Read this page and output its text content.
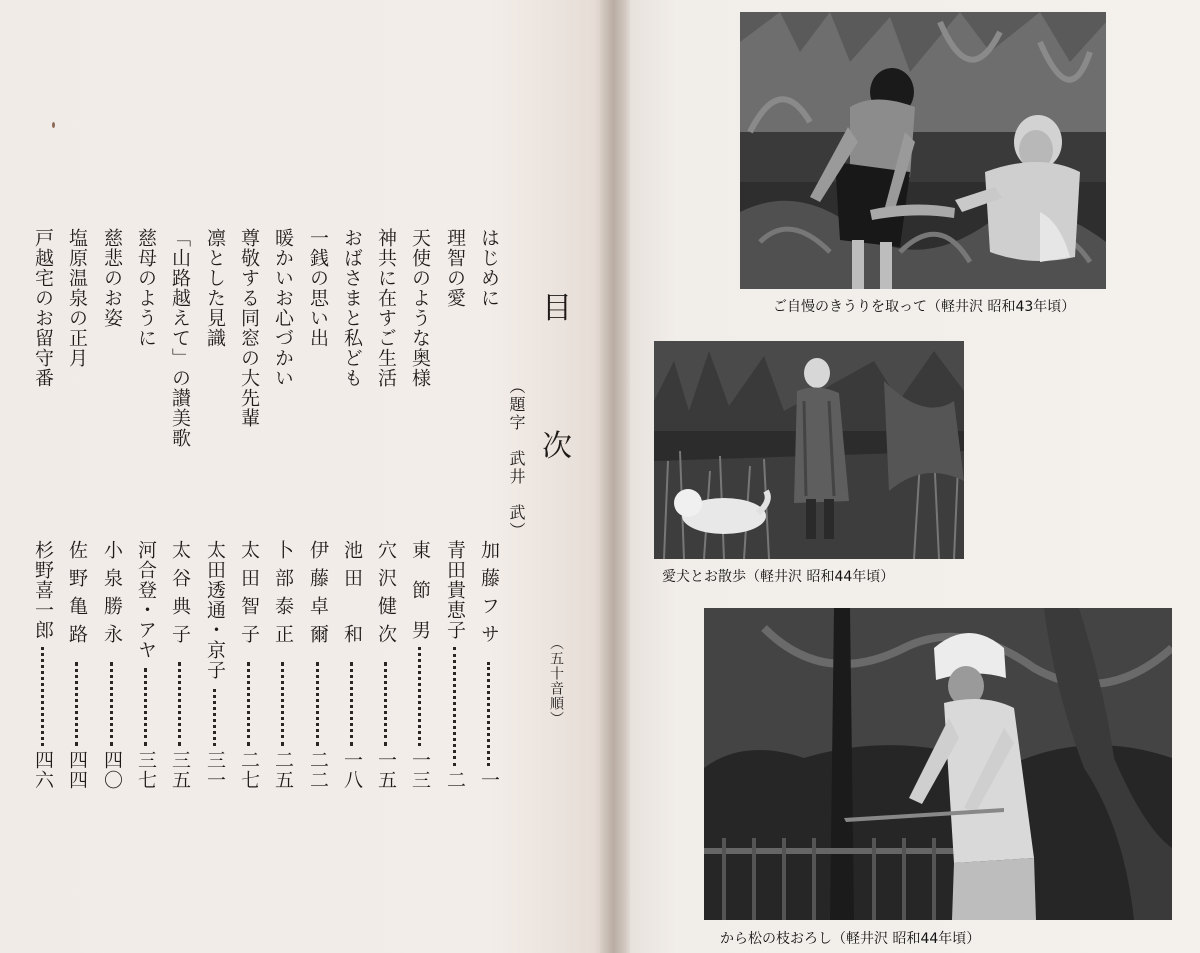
目
次
（題字　武井　武）
（五十音順）
はじめに
加藤フサ
一
理智の愛
青田貴恵子
二
天使のような奥様
東　節　男
一三
神共に在すご生活
穴沢健次
一五
おばさまと私ども
池田　和
一八
一銭の思い出
伊藤卓爾
二二
暖かいお心づかい
卜部泰正
二五
尊敬する同窓の大先輩
太田智子
二七
凛とした見識
太田透通・京子
三一
「山路越えて」の讃美歌
太谷典子
三五
慈母のように
河合登・アヤ
三七
慈悲のお姿
小泉勝永
四〇
塩原温泉の正月
佐野亀路
四四
戸越宅のお留守番
杉野喜一郎
四六
ご自慢のきうりを取って（軽井沢 昭和43年頃）
愛犬とお散歩（軽井沢 昭和44年頃）
から松の枝おろし（軽井沢 昭和44年頃）
